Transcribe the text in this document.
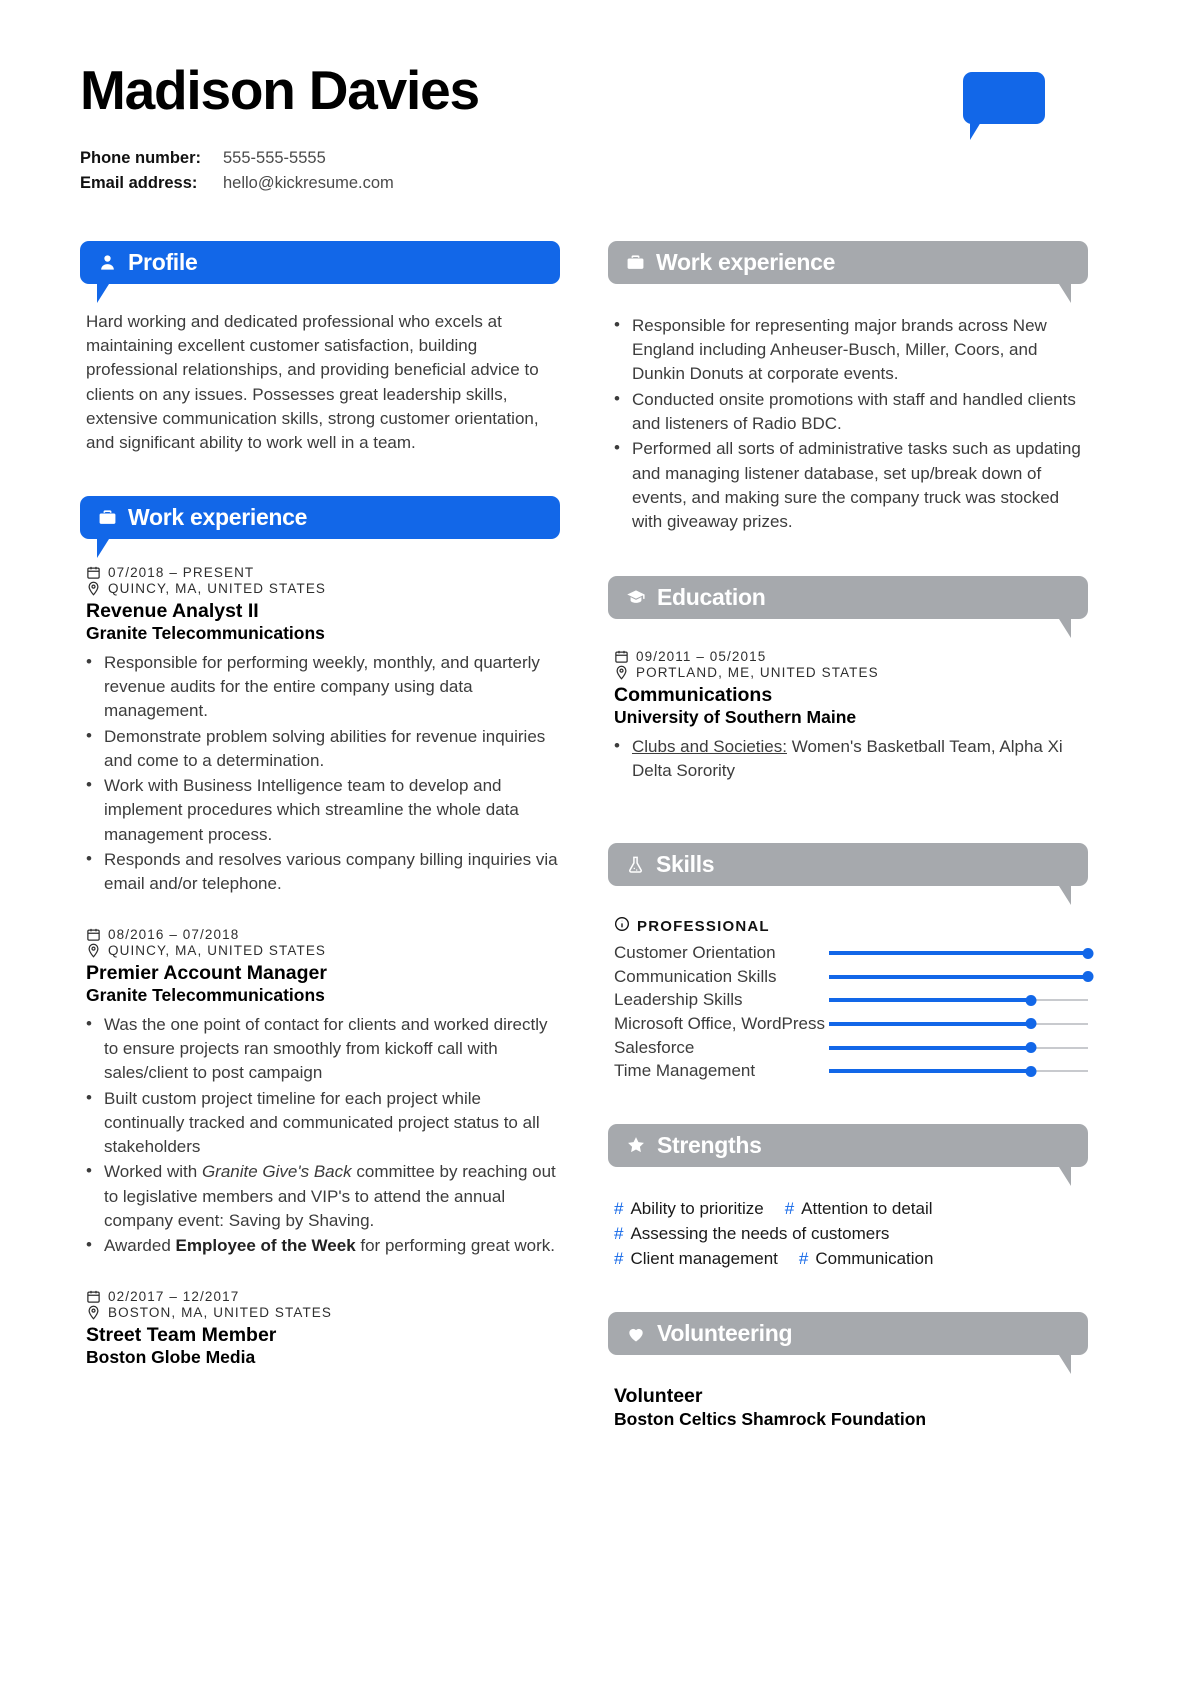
Madison Davies
Phone number:	555-555-5555
Email address:	hello@kickresume.com
Profile
Hard working and dedicated professional who excels at maintaining excellent customer satisfaction, building professional relationships, and providing beneficial advice to clients on any issues. Possesses great leadership skills, extensive communication skills, strong customer orientation, and significant ability to work well in a team.
Work experience
07/2018 – PRESENT
QUINCY, MA, UNITED STATES
Revenue Analyst II
Granite Telecommunications
• Responsible for performing weekly, monthly, and quarterly revenue audits for the entire company using data management.
• Demonstrate problem solving abilities for revenue inquiries and come to a determination.
• Work with Business Intelligence team to develop and implement procedures which streamline the whole data management process.
• Responds and resolves various company billing inquiries via email and/or telephone.
08/2016 – 07/2018
QUINCY, MA, UNITED STATES
Premier Account Manager
Granite Telecommunications
• Was the one point of contact for clients and worked directly to ensure projects ran smoothly from kickoff call with sales/client to post campaign
• Built custom project timeline for each project while continually tracked and communicated project status to all stakeholders
• Worked with Granite Give's Back committee by reaching out to legislative members and VIP's to attend the annual company event: Saving by Shaving.
• Awarded Employee of the Week for performing great work.
02/2017 – 12/2017
BOSTON, MA, UNITED STATES
Street Team Member
Boston Globe Media
Work experience
• Responsible for representing major brands across New England including Anheuser-Busch, Miller, Coors, and Dunkin Donuts at corporate events.
• Conducted onsite promotions with staff and handled clients and listeners of Radio BDC.
• Performed all sorts of administrative tasks such as updating and managing listener database, set up/break down of events, and making sure the company truck was stocked with giveaway prizes.
Education
09/2011 – 05/2015
PORTLAND, ME, UNITED STATES
Communications
University of Southern Maine
• Clubs and Societies: Women's Basketball Team, Alpha Xi Delta Sorority
Skills
PROFESSIONAL
Customer Orientation
Communication Skills
Leadership Skills
Microsoft Office, WordPress
Salesforce
Time Management
Strengths
# Ability to prioritize # Attention to detail
# Assessing the needs of customers
# Client management # Communication
Volunteering
Volunteer
Boston Celtics Shamrock Foundation
